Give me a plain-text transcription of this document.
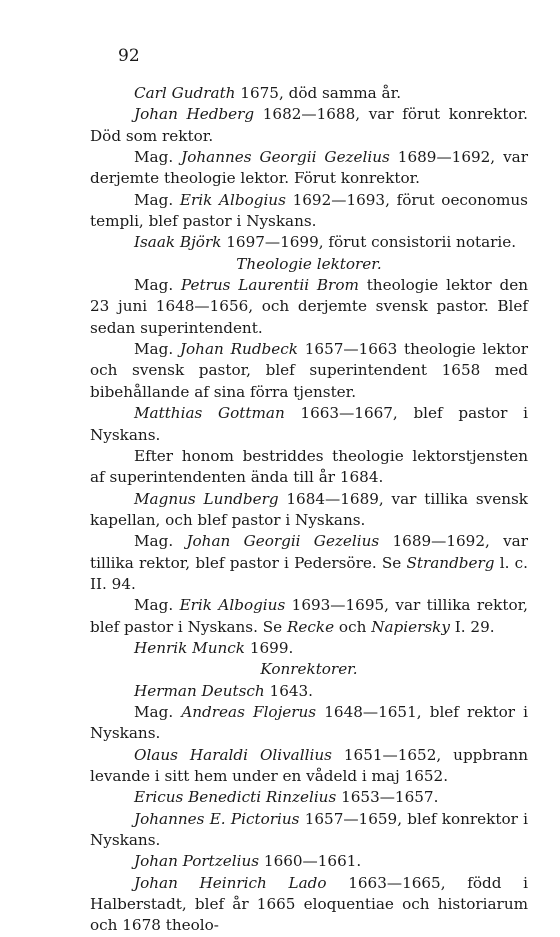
92
Carl Gudrath 1675, död samma år.
Johan Hedberg 1682—1688, var förut konrektor. Död som rektor.
Mag. Johannes Georgii Gezelius 1689—1692, var derjemte theologie lektor. Förut konrektor.
Mag. Erik Albogius 1692—1693, förut oeconomus templi, blef pastor i Nyskans.
Isaak Björk 1697—1699, förut consistorii notarie.
Theologie lektorer.
Mag. Petrus Laurentii Brom theologie lektor den 23 juni 1648—1656, och derjemte svensk pastor. Blef sedan superintendent.
Mag. Johan Rudbeck 1657—1663 theologie lektor och svensk pastor, blef superintendent 1658 med bibehållande af sina förra tjenster.
Matthias Gottman 1663—1667, blef pastor i Nyskans.
Efter honom bestriddes theologie lektorstjensten af superintendenten ända till år 1684.
Magnus Lundberg 1684—1689, var tillika svensk kapellan, och blef pastor i Nyskans.
Mag. Johan Georgii Gezelius 1689—1692, var tillika rektor, blef pastor i Pedersöre. Se Strandberg l. c. II. 94.
Mag. Erik Albogius 1693—1695, var tillika rektor, blef pastor i Nyskans. Se Recke och Napiersky I. 29.
Henrik Munck 1699.
Konrektorer.
Herman Deutsch 1643.
Mag. Andreas Flojerus 1648—1651, blef rektor i Nyskans.
Olaus Haraldi Olivallius 1651—1652, uppbrann levande i sitt hem under en vådeld i maj 1652.
Ericus Benedicti Rinzelius 1653—1657.
Johannes E. Pictorius 1657—1659, blef konrektor i Nyskans.
Johan Portzelius 1660—1661.
Johan Heinrich Lado 1663—1665, född i Halberstadt, blef år 1665 eloquentiae och historiarum och 1678 theolo-
